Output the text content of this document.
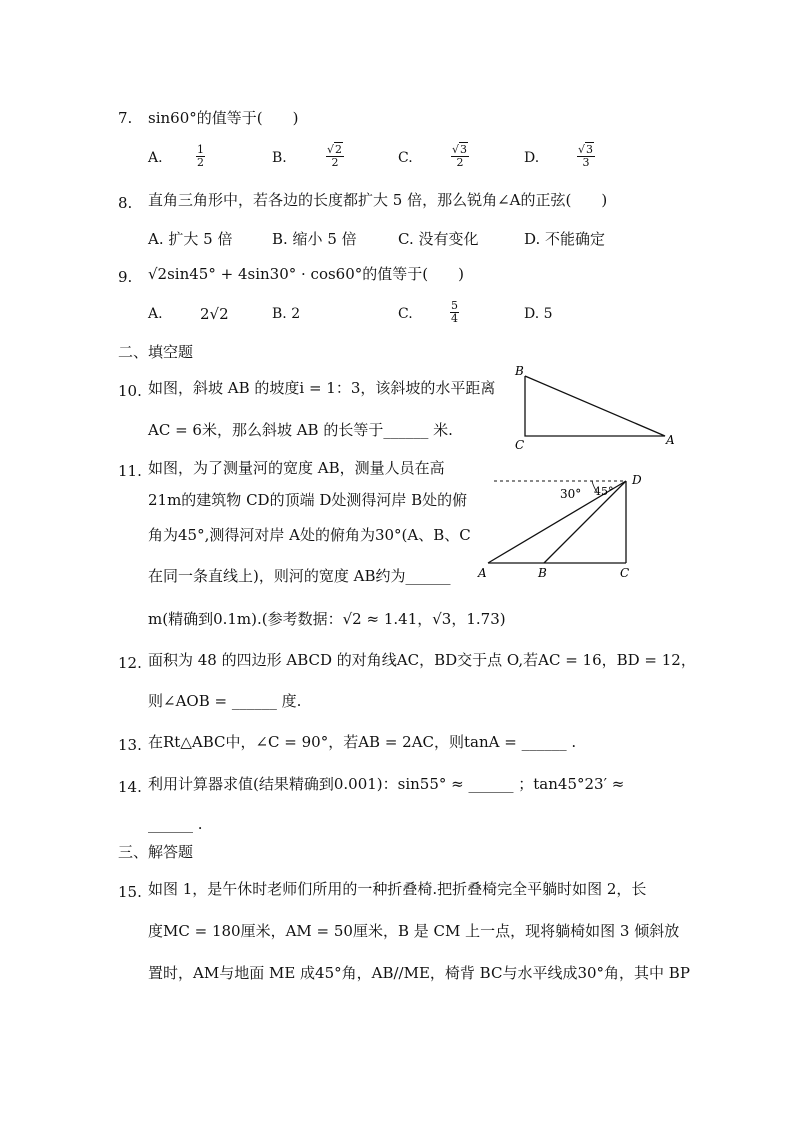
7. sin60°的值等于(　　)
A.	$\frac{1}{2}$	B.	$\frac{√2}{2}$	C.	$\frac{√3}{2}$	D.	$\frac{√3}{3}$
8. 直角三角形中，若各边的长度都扩大 5 倍，那么锐角∠A的正弦(　　)
A. 扩大 5 倍	B. 缩小 5 倍	C. 没有变化	D. 不能确定
9. √2sin45° + 4sin30° · cos60°的值等于(　　)
A. 2√2	B. 2	C.	$\frac{5}{4}$	D. 5
二、填空题
10. 如图，斜坡 AB 的坡度i = 1：3，该斜坡的水平距离
AC = 6米，那么斜坡 AB 的长等于______ 米.
B
C	A
11. 如图，为了测量河的宽度 AB，测量人员在高
21m的建筑物 CD的顶端 D处测得河岸 B处的俯
角为45°,测得河对岸 A处的俯角为30°(A、B、C
在同一条直线上)，则河的宽度 AB约为______
m(精确到0.1m).(参考数据：√2 ≈ 1.41，√3，1.73)
D
A	B	C
30° 45°
12. 面积为 48 的四边形 ABCD 的对角线AC，BD交于点 O,若AC = 16，BD = 12，
则∠AOB = ______ 度.
13. 在Rt△ABC中，∠C = 90°，若AB = 2AC，则tanA = ______ .
14. 利用计算器求值(结果精确到0.001)：sin55° ≈ ______ ；tan45°23′ ≈
______ .
三、解答题
15. 如图 1，是午休时老师们所用的一种折叠椅.把折叠椅完全平躺时如图 2，长
度MC = 180厘米，AM = 50厘米，B 是 CM 上一点，现将躺椅如图 3 倾斜放
置时，AM与地面 ME 成45°角，AB//ME，椅背 BC与水平线成30°角，其中 BP
